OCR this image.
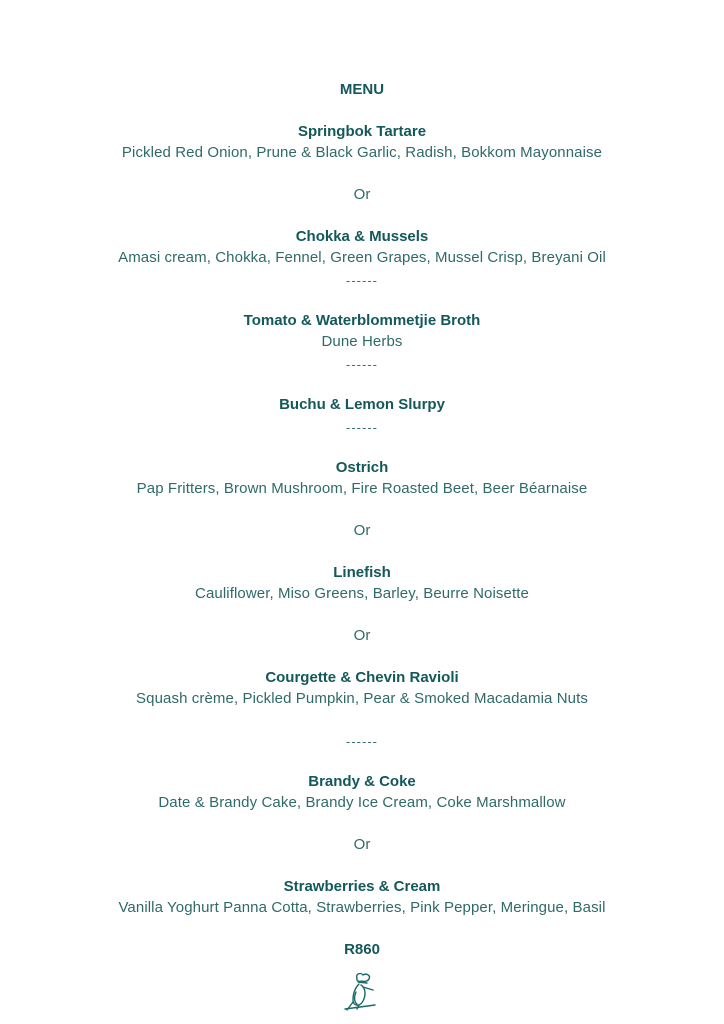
MENU
Springbok Tartare
Pickled Red Onion, Prune & Black Garlic, Radish, Bokkom Mayonnaise
Or
Chokka & Mussels
Amasi cream, Chokka, Fennel, Green Grapes, Mussel Crisp, Breyani Oil
------
Tomato & Waterblommetjie Broth
Dune Herbs
------
Buchu & Lemon Slurpy
------
Ostrich
Pap Fritters, Brown Mushroom, Fire Roasted Beet, Beer Béarnaise
Or
Linefish
Cauliflower, Miso Greens, Barley, Beurre Noisette
Or
Courgette & Chevin Ravioli
Squash crème, Pickled Pumpkin, Pear & Smoked Macadamia Nuts
------
Brandy & Coke
Date & Brandy Cake, Brandy Ice Cream, Coke Marshmallow
Or
Strawberries & Cream
Vanilla Yoghurt Panna Cotta, Strawberries, Pink Pepper, Meringue, Basil
R860
